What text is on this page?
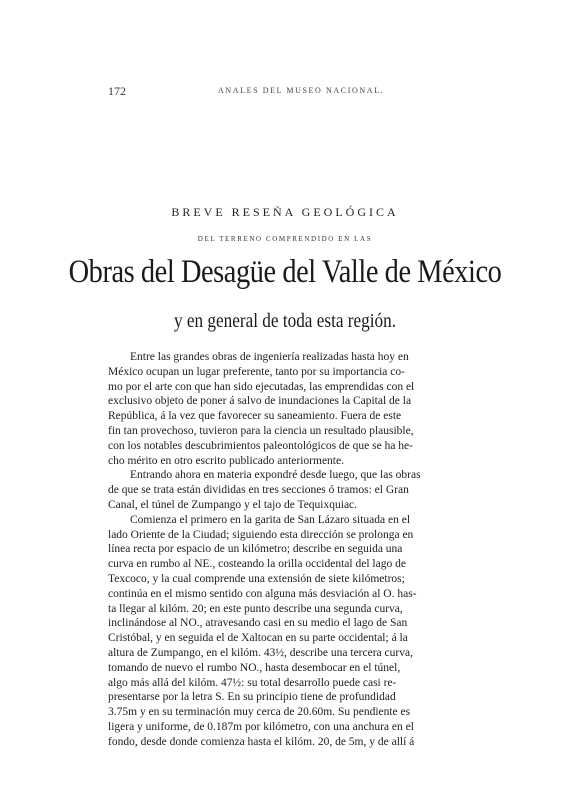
172	ANALES DEL MUSEO NACIONAL.
BREVE RESEÑA GEOLÓGICA
DEL TERRENO COMPRENDIDO EN LAS
Obras del Desagüe del Valle de México
y en general de toda esta región.
Entre las grandes obras de ingeniería realizadas hasta hoy en
México ocupan un lugar preferente, tanto por su importancia co-
mo por el arte con que han sido ejecutadas, las emprendidas con el
exclusivo objeto de poner á salvo de inundaciones la Capital de la
República, á la vez que favorecer su saneamiento. Fuera de este
fin tan provechoso, tuvieron para la ciencia un resultado plausible,
con los notables descubrimientos paleontológicos de que se ha he-
cho mérito en otro escrito publicado anteriormente.
Entrando ahora en materia expondré desde luego, que las obras
de que se trata están divididas en tres secciones ó tramos: el Gran
Canal, el túnel de Zumpango y el tajo de Tequixquiac.
Comienza el primero en la garita de San Lázaro situada en el
lado Oriente de la Ciudad; siguiendo esta dirección se prolonga en
línea recta por espacio de un kilómetro; describe en seguida una
curva en rumbo al NE., costeando la orilla occidental del lago de
Texcoco, y la cual comprende una extensión de siete kilómetros;
continúa en el mismo sentido con alguna más desviación al O. has-
ta llegar al kilóm. 20; en este punto describe una segunda curva,
inclinándose al NO., atravesando casi en su medio el lago de San
Cristóbal, y en seguida el de Xaltocan en su parte occidental; á la
altura de Zumpango, en el kilóm. 43½, describe una tercera curva,
tomando de nuevo el rumbo NO., hasta desembocar en el túnel,
algo más allá del kilóm. 47½: su total desarrollo puede casi re-
presentarse por la letra S. En su principio tiene de profundidad
3.75m y en su terminación muy cerca de 20.60m. Su pendiente es
ligera y uniforme, de 0.187m por kilómetro, con una anchura en el
fondo, desde donde comienza hasta el kilóm. 20, de 5m, y de allí á
